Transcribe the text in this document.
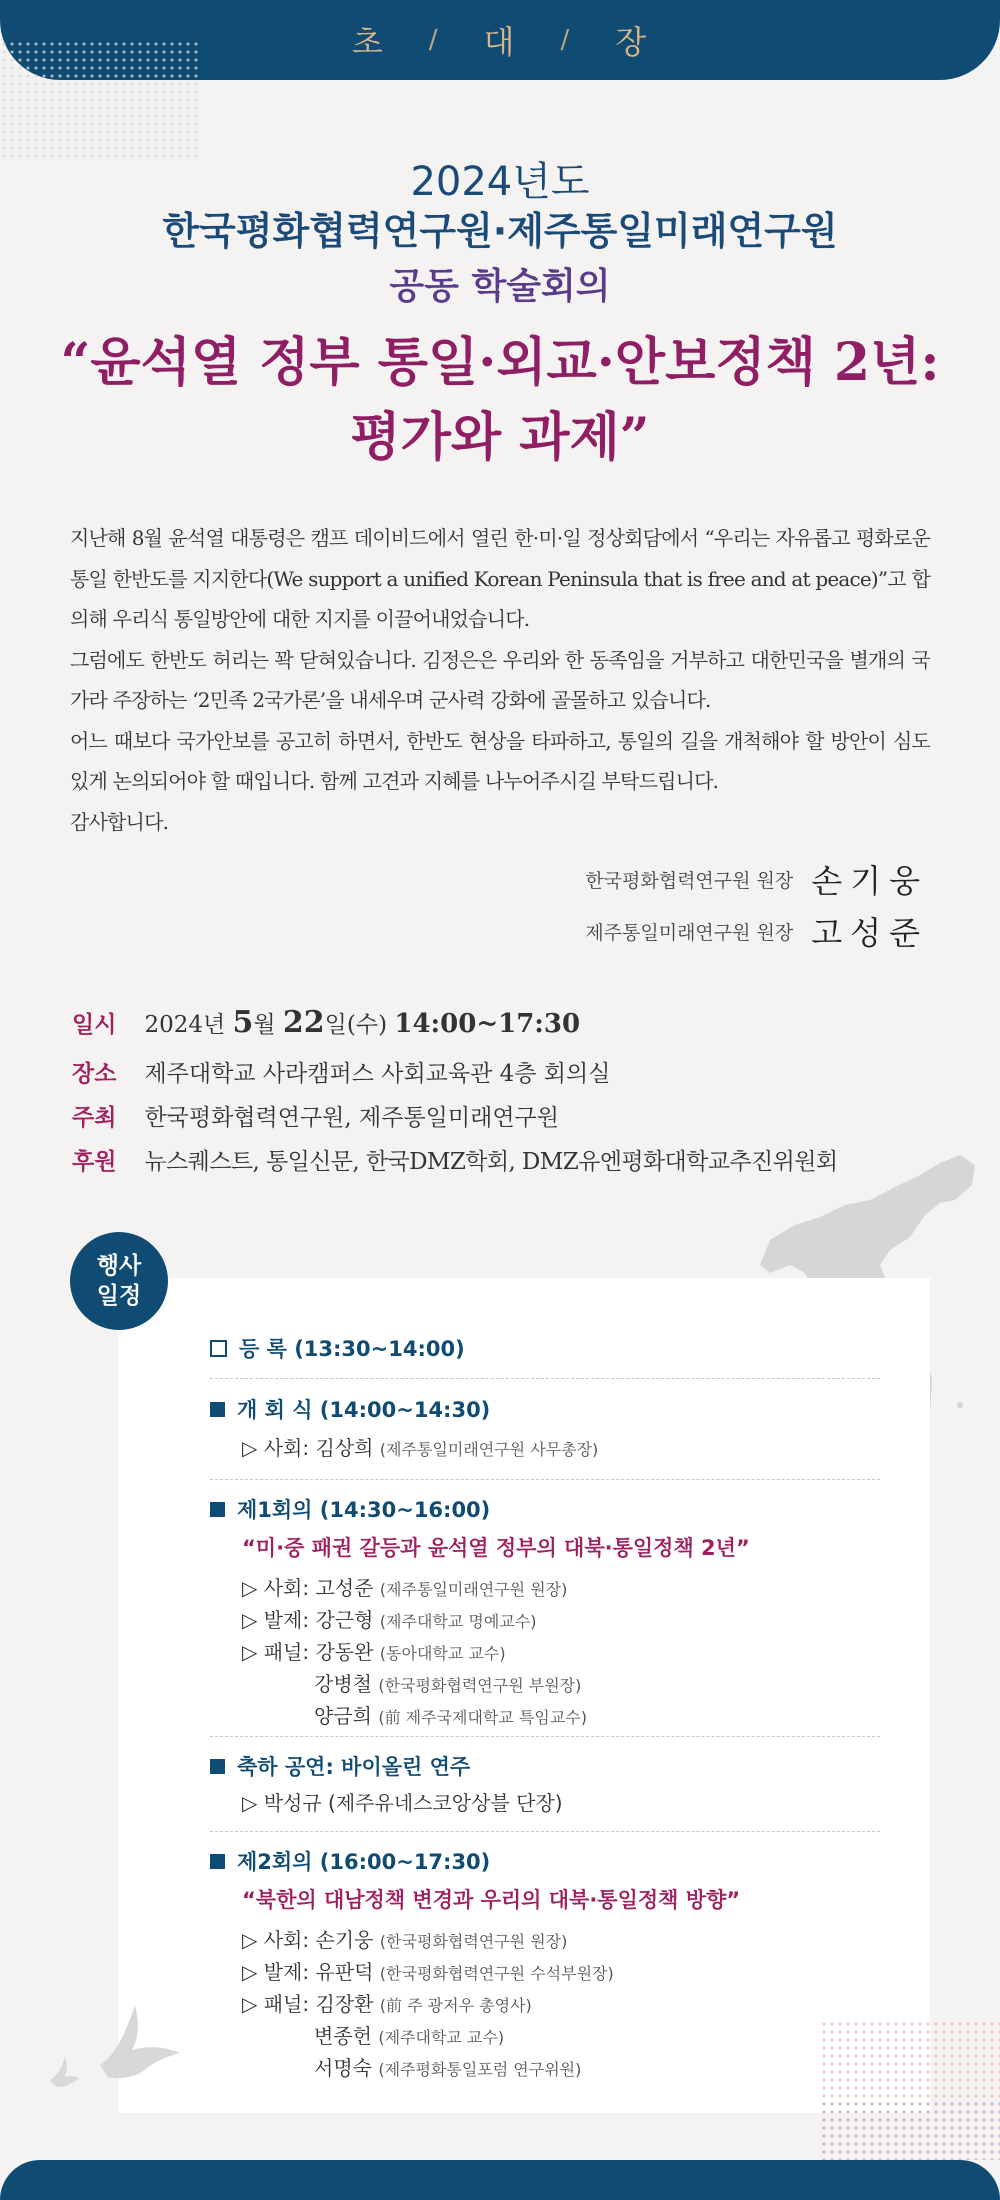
초 / 대 / 장
2024년도
한국평화협력연구원·제주통일미래연구원
공동 학술회의
“윤석열 정부 통일·외교·안보정책 2년:
평가와 과제”

지난해 8월 윤석열 대통령은 캠프 데이비드에서 열린 한·미·일 정상회담에서 “우리는 자유롭고 평화로운 통일 한반도를 지지한다(We support a unified Korean Peninsula that is free and at peace)”고 합의해 우리식 통일방안에 대한 지지를 이끌어내었습니다.

그럼에도 한반도 허리는 꽉 닫혀있습니다. 김정은은 우리와 한 동족임을 거부하고 대한민국을 별개의 국가라 주장하는 ‘2민족 2국가론’을 내세우며 군사력 강화에 골몰하고 있습니다.

어느 때보다 국가안보를 공고히 하면서, 한반도 현상을 타파하고, 통일의 길을 개척해야 할 방안이 심도 있게 논의되어야 할 때입니다. 함께 고견과 지혜를 나누어주시길 부탁드립니다.

감사합니다.

한국평화협력연구원 원장 손기웅
제주통일미래연구원 원장 고성준
일시 2024년 5월 22일(수) 14:00~17:30
장소 제주대학교 사라캠퍼스 사회교육관 4층 회의실
주최 한국평화협력연구원, 제주통일미래연구원
후원 뉴스퀘스트, 통일신문, 한국DMZ학회, DMZ유엔평화대학교추진위원회
행사
일정
등 록 (13:30~14:00)
개 회 식 (14:00~14:30)
▷ 사회: 김상희 (제주통일미래연구원 사무총장)
제1회의 (14:30~16:00)
“미·중 패권 갈등과 윤석열 정부의 대북·통일정책 2년”
▷ 사회: 고성준 (제주통일미래연구원 원장)
▷ 발제: 강근형 (제주대학교 명예교수)
▷ 패널: 강동완 (동아대학교 교수)
강병철 (한국평화협력연구원 부원장)
양금희 (前 제주국제대학교 특임교수)
축하 공연: 바이올린 연주
▷ 박성규 (제주유네스코앙상블 단장)
제2회의 (16:00~17:30)
“북한의 대남정책 변경과 우리의 대북·통일정책 방향”
▷ 사회: 손기웅 (한국평화협력연구원 원장)
▷ 발제: 유판덕 (한국평화협력연구원 수석부원장)
▷ 패널: 김장환 (前 주 광저우 총영사)
변종헌 (제주대학교 교수)
서명숙 (제주평화통일포럼 연구위원)
